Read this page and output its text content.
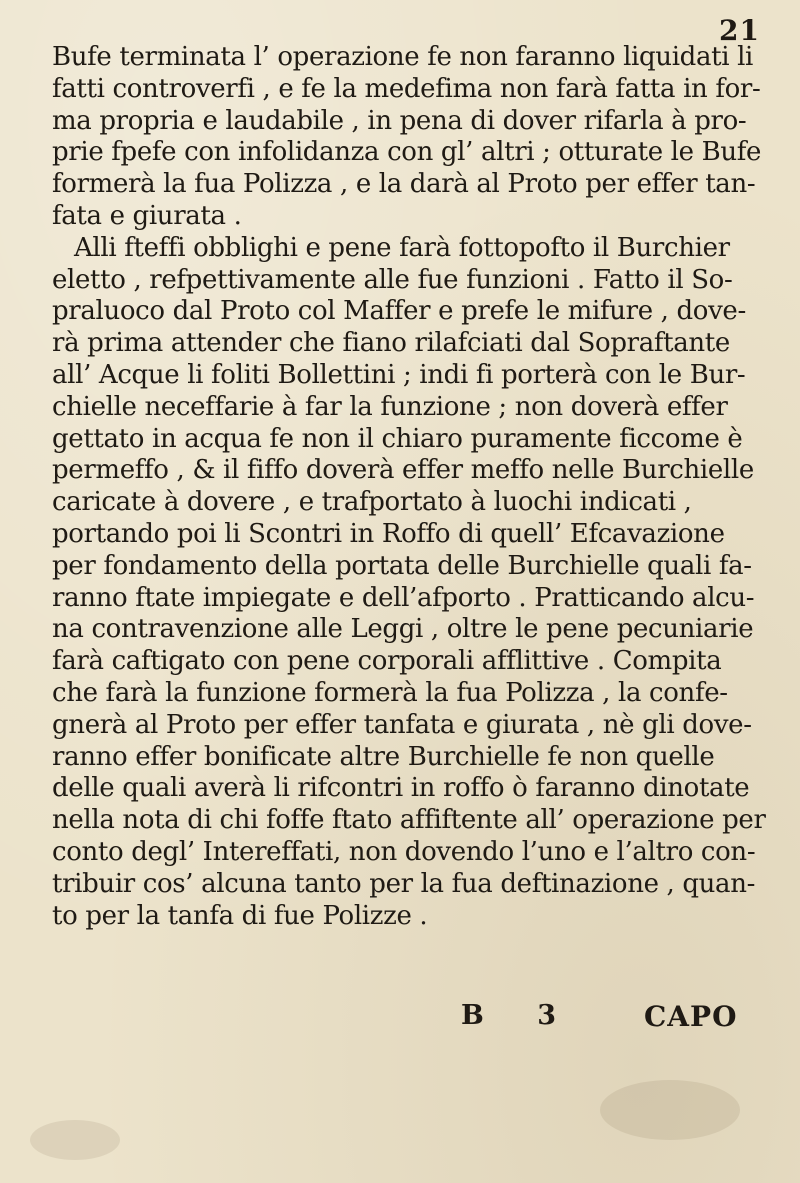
21
Bufe terminata l’ operazione fe non faranno liquidati li
fatti controverfi , e fe la medefima non farà fatta in for-
ma propria e laudabile , in pena di dover rifarla à pro-
prie fpefe con infolidanza con gl’ altri ; otturate le Bufe
formerà la fua Polizza , e la darà al Proto per effer tan-
fata e giurata .
Alli fteffi obblighi e pene farà fottopofto il Burchier
eletto , refpettivamente alle fue funzioni . Fatto il So-
praluoco dal Proto col Maffer e prefe le mifure , dove-
rà prima attender che fiano rilafciati dal Sopraftante
all’ Acque li foliti Bollettini ; indi fi porterà con le Bur-
chielle neceffarie à far la funzione ; non doverà effer
gettato in acqua fe non il chiaro puramente ficcome è
permeffo , & il fiffo doverà effer meffo nelle Burchielle
caricate à dovere , e trafportato à luochi indicati ,
portando poi li Scontri in Roffo di quell’ Efcavazione
per fondamento della portata delle Burchielle quali fa-
ranno ftate impiegate e dell’afporto . Pratticando alcu-
na contravenzione alle Leggi , oltre le pene pecuniarie
farà caftigato con pene corporali afflittive . Compita
che farà la funzione formerà la fua Polizza , la confe-
gnerà al Proto per effer tanfata e giurata , nè gli dove-
ranno effer bonificate altre Burchielle fe non quelle
delle quali averà li rifcontri in roffo ò faranno dinotate
nella nota di chi foffe ftato affiftente all’ operazione per
conto degl’ Intereffati, non dovendo l’uno e l’altro con-
tribuir cos’ alcuna tanto per la fua deftinazione , quan-
to per la tanfa di fue Polizze .
B 3 CAPO
